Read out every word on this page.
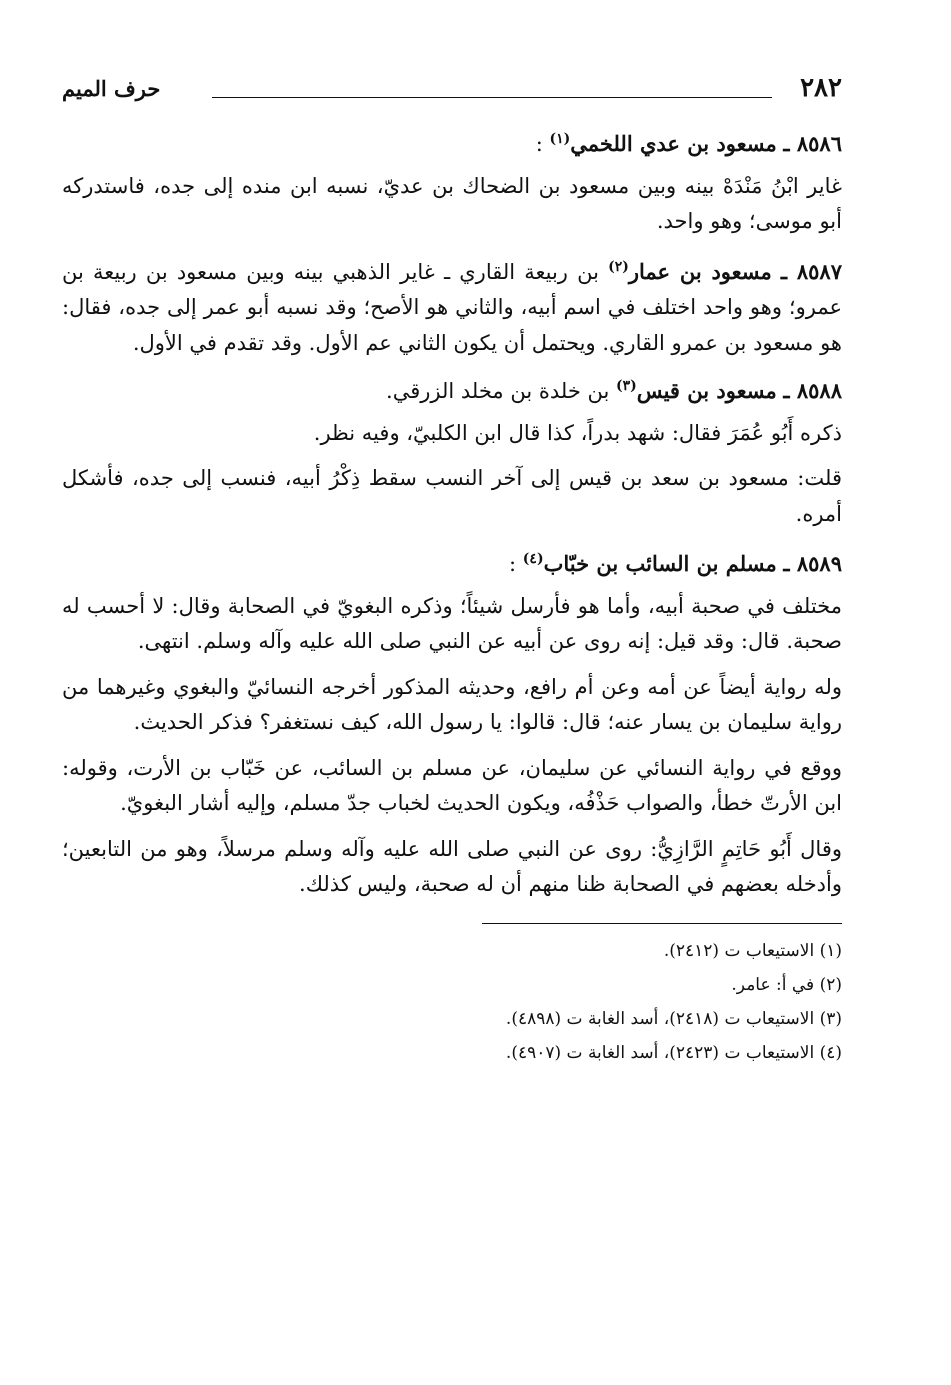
٢٨٢
حرف الميم
٨٥٨٦ ـ مسعود بن عدي اللخمي$^{(١)}$ :

غاير ابْنُ مَنْدَهْ بينه وبين مسعود بن الضحاك بن عديّ، نسبه ابن منده إلى جده، فاستدركه أبو موسى؛ وهو واحد.

٨٥٨٧ ـ مسعود بن عمار$^{(٢)}$ بن ربيعة القاري ـ غاير الذهبي بينه وبين مسعود بن ربيعة بن عمرو؛ وهو واحد اختلف في اسم أبيه، والثاني هو الأصح؛ وقد نسبه أبو عمر إلى جده، فقال: هو مسعود بن عمرو القاري. ويحتمل أن يكون الثاني عم الأول. وقد تقدم في الأول.

٨٥٨٨ ـ مسعود بن قيس$^{(٣)}$ بن خلدة بن مخلد الزرقي.

ذكره أَبُو عُمَرَ فقال: شهد بدراً، كذا قال ابن الكلبيّ، وفيه نظر.

قلت: مسعود بن سعد بن قيس إلى آخر النسب سقط ذِكْرُ أبيه، فنسب إلى جده، فأشكل أمره.

٨٥٨٩ ـ مسلم بن السائب بن خبّاب$^{(٤)}$ :

مختلف في صحبة أبيه، وأما هو فأرسل شيئاً؛ وذكره البغويّ في الصحابة وقال: لا أحسب له صحبة. قال: وقد قيل: إنه روى عن أبيه عن النبي صلى الله عليه وآله وسلم. انتهى.

وله رواية أيضاً عن أمه وعن أم رافع، وحديثه المذكور أخرجه النسائيّ والبغوي وغيرهما من رواية سليمان بن يسار عنه؛ قال: قالوا: يا رسول الله، كيف نستغفر؟ فذكر الحديث.

ووقع في رواية النسائي عن سليمان، عن مسلم بن السائب، عن خَبّاب بن الأرت، وقوله: ابن الأرتّ خطأ، والصواب حَذْفُه، ويكون الحديث لخباب جدّ مسلم، وإليه أشار البغويّ.

وقال أَبُو حَاتِمٍ الرَّازِيُّ: روى عن النبي صلى الله عليه وآله وسلم مرسلاً، وهو من التابعين؛ وأدخله بعضهم في الصحابة ظنا منهم أن له صحبة، وليس كذلك.

(١) الاستيعاب ت (٢٤١٢).
(٢) في أ: عامر.
(٣) الاستيعاب ت (٢٤١٨)، أسد الغابة ت (٤٨٩٨).
(٤) الاستيعاب ت (٢٤٢٣)، أسد الغابة ت (٤٩٠٧).
